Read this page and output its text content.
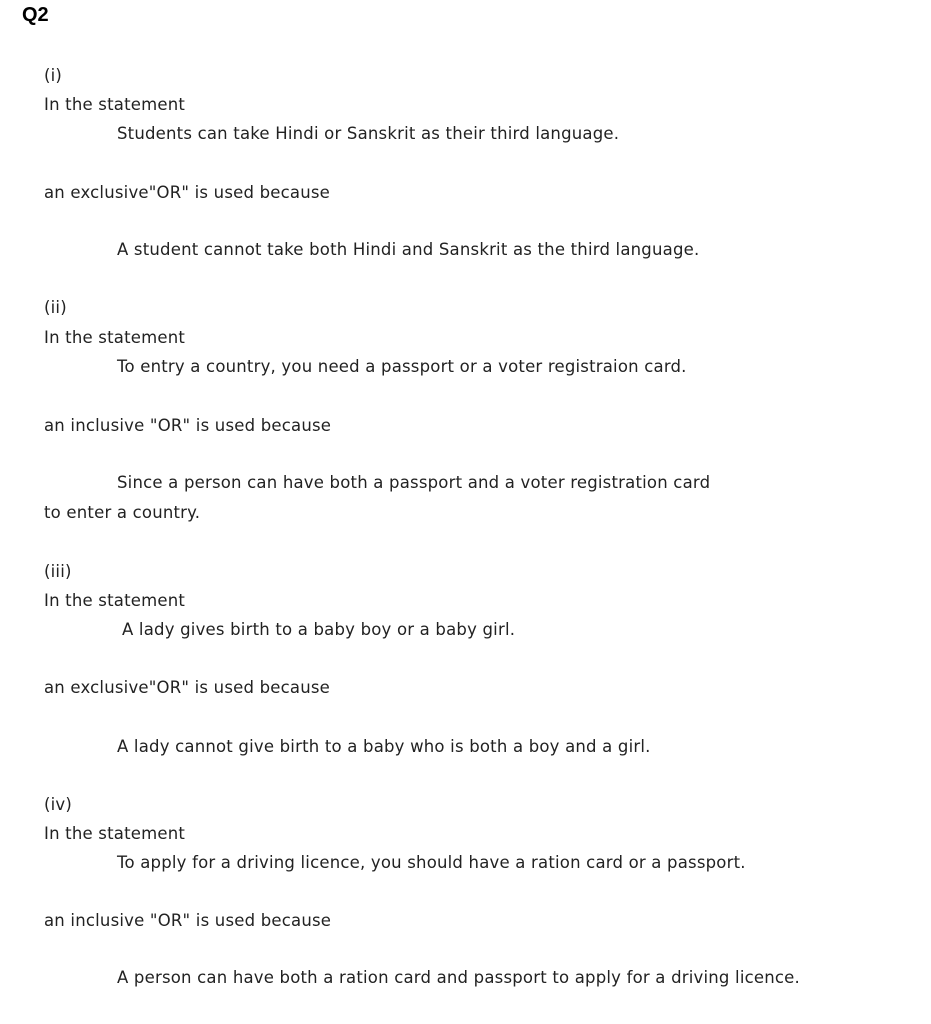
Q2
(i)
In the statement
Students can take Hindi or Sanskrit as their third language.
an exclusive"OR" is used because
A student cannot take both Hindi and Sanskrit as the third language.
(ii)
In the statement
To entry a country, you need a passport or a voter registraion card.
an inclusive "OR" is used because
Since a person can have both a passport and a voter registration card
to enter a country.
(iii)
In the statement
A lady gives birth to a baby boy or a baby girl.
an exclusive"OR" is used because
A lady cannot give birth to a baby who is both a boy and a girl.
(iv)
In the statement
To apply for a driving licence, you should have a ration card or a passport.
an inclusive "OR" is used because
A person can have both a ration card and passport to apply for a driving licence.
